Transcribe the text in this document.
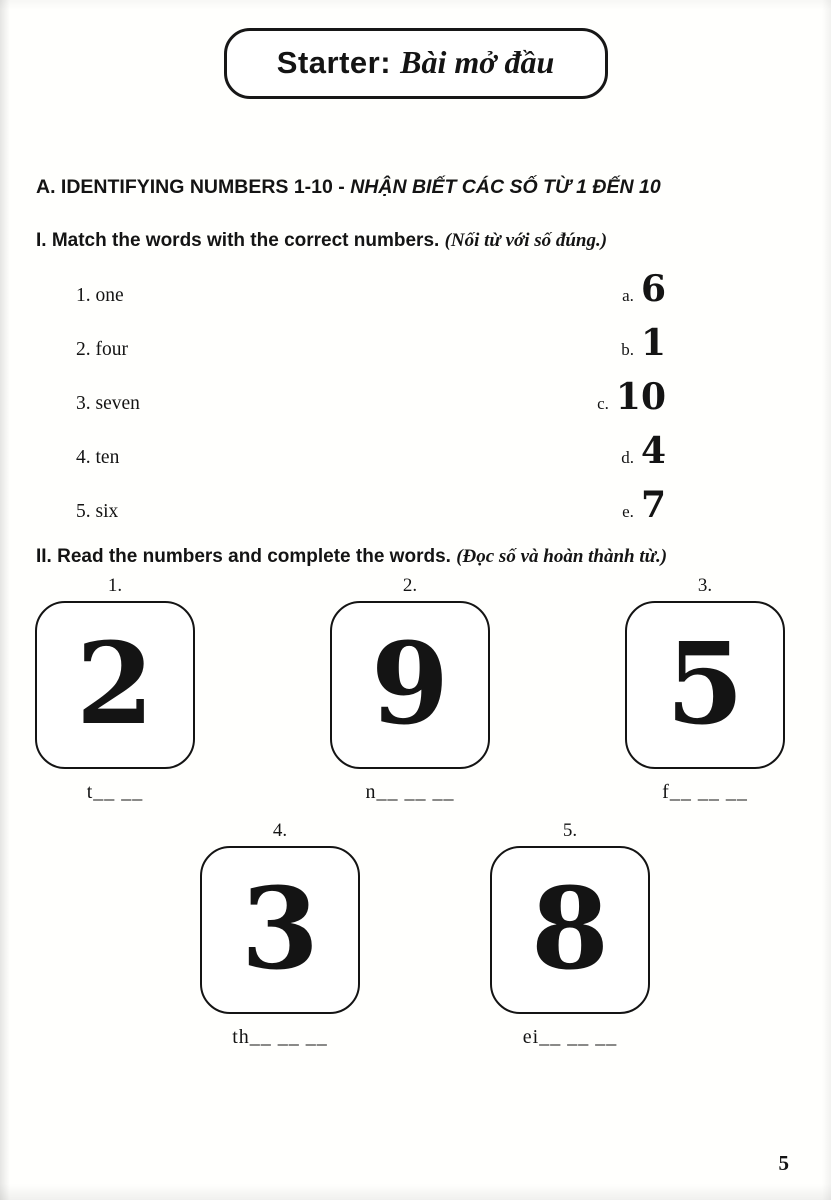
Starter: Bài mở đầu
A. IDENTIFYING NUMBERS 1-10 - NHẬN BIẾT CÁC SỐ TỪ 1 ĐẾN 10
I. Match the words with the correct numbers. (Nối từ với số đúng.)
1. one	a. 6
2. four	b. 1
3. seven	c. 10
4. ten	d. 4
5. six	e. 7
II. Read the numbers and complete the words. (Đọc số và hoàn thành từ.)
1.
2
t__ __
2.
9
n__ __ __
3.
5
f__ __ __
4.
3
th__ __ __
5.
8
ei__ __ __
5
